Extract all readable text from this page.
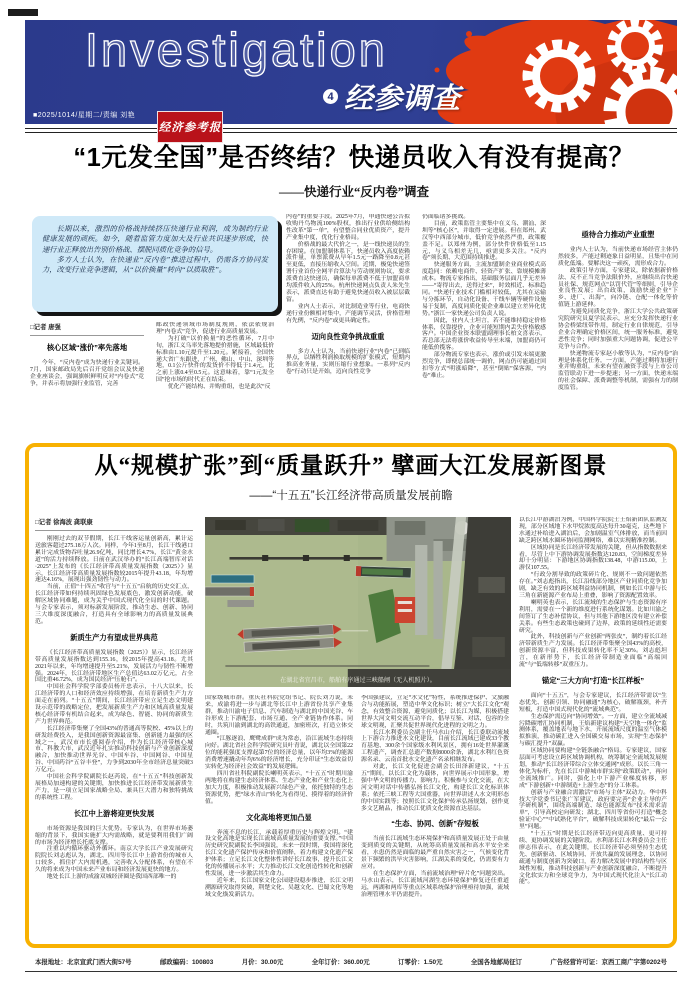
Investigation
4 经参调查
■2025/1014/星期二/责编 刘艳
经济参考报
“1元发全国”是否终结？快递员收入有没有提高？
——快递行业“反内卷”调查

长期以来，激烈的价格战持续挤压快递行业利润，成为制约行业健康发展的顽疾。如今，随着监管力度加大及行业共识逐步形成，快递行业正释放出告别价格战、摆脱同质化竞争的信号。

多方人士认为，在快递业“反内卷”推进过程中，仍需各方协同发力，改变行业竞争逻辑，从“以价换量”转向“以质取胜”。

□记者 唐强
核心区域“涨价”率先落地

今年，“反内卷”成为快递行业关键词。7月，国家邮政局先后召开党组会议及快递企业座谈会，强调旗帜鲜明反对“内卷式”竞争，并表示将加强行业监管，完善

邮政快递领域市场制度规则，依法依规治理“内卷式”竞争，促进行业高质量发展。

为打破“以价换量”的恶性循环，7月中旬，浙江义乌率先落地提价措施，区域最低价标准由1.10元提升至1.20元。紧接着，全国快递大省广东跟进，广州、佛山、中山、深圳等地，0.1公斤快件的发货价不得低于1.4元，比之前上涨0.4至0.5元。这意味着，靠“1元发全国”抢市场的时代正在结束。

优化产能结构、并购重组，也是此次“反

内卷”的重要手段。2025年7月，申通快递公告拟收购丹鸟物流100%股权，推出行业供给侧结构性改革“第一单”，有望整合同业优质资产，提升产业集中度，优化行业格局。

价格战的最大代价之一，是一线快递员的生存困境。在加盟制体系下，快递员收入高度依赖派件量，单票派费从早年1.5元一路降至0.8元甚至更低，直接压缩收入空间。近期，极兔快递签署行业首份全网平台算法与劳动规则协议，要求派费直达快递员，确保每单派费不低于加盟商单均派件收入的25%。杭州快递网点负责人朱先生表示，派费直达有助于避免快递员收入被层层截留。

业内人士表示，对比制造业等行业，电商快递行业份额相对集中，产能调节灵活，价格管理有先例，“反内卷”或更具确定性。

迈向良性竞争挑战重重

多方人士认为，当前快递行业“内卷”已到临界点，以牺牲利润换取规模的扩张模式，短期内推高业务量，实则压缩行业想象。一系列“反内卷”行动只是开始，迈向良性竞争

仍面临诸多挑战。

目前，政策监管主要集中在义乌、潮汕、深圳等“核心区”，并取得一定进展。但在郑州、武汉等中西部分城市，低价竞争依然严重，政策覆盖不足。以郑州为例，部分快件价格低至1.15元，与义乌相差无几，亟需更多关注。“反内卷”须长期、大范围持续推进。

快递服务方面，主流加盟制企业商业模式高度趋同：依赖电商件、轻资产扩张、靠规模摊薄成本。物流专家指出，基础服务层面几乎无差异——“寄得出去，送得过来”，时效相近、标准趋同。“快递行业技术门槛相对较低，尤其在运输与分拣环节，自动化设备、干线车辆等硬件设施易于复制，高度同质化使企业难以建立差异化优势。”浙江一家快递公司负责人说。

因此，业内人士坦言，若不能维持稳定价格体系，仅靠提价，企业可能短期内丢失价格敏感客户。中国企业资本联盟副理事长柏文喜表示，若总部无法将涨价收益传导至末端，加盟商仍可能低价揽客。

部分物流专家也表示，涨价或引发末端更激烈竞争，即便总部统一调价，网点仍可能通过回扣等方式“明涨暗降”，甚至“倒贴”保客源，“内卷”难止。

亟待合力推动产业重塑

业内人士认为，当前快递市场经营主体仍然较多，产能过剩迹象日益明显，且集中在同质化低端。要解决这一顽疾，需形成合力。

政策引导方面，专家建议，除依据新价格法、反不正当竞争法限价外，应继续出台快递员社保、规范网点“以罚代管”等细则，引导企业良性发展；出台政策，鼓励快递企业“下乡、进厂、出海”，向冷链、仓配一体化等价值链上游延伸。

为避免同质化竞争，浙江大学公共政策研究院研究员夏学民表示，应充分发挥快递行业协会桥梁纽带作用，制定行业自律规范，引导企业合理确定价格区间，统一服务标准，避免恶性竞争；同时加强重大问题协调，促进公平竞争与合作。

快递物流专家赵小敏等认为，“反内卷”治理是体系化任务，一方面，产能过剩将加速行业并购重组，未来有望在融资手段与上市公司监管联动下进一步提速；另一方面，快递末端的社会保障、派费调整等机制，需强有力的制度监管。

从“规模扩张”到“质量跃升” 擘画大江发展新图景
——“十五五”长江经济带高质量发展前瞻
□记者 徐海波 龚联康

刚刚过去的双节假期，长江干线客运量创新高，累计运送旅客超过275.18万人次。同样，今年1至8月，长江干线港口累计完成货物吞吐量26.9亿吨，同比增长4.7%，长江“黄金水道”的活力持续释放。日前在武汉举办的“长江高端智库对话·2025”上发布的《长江经济带高质量发展指数（2025）》显示，长江经济带高质量发展指数较2015年提升43.18，年均增速达4.16%，展现出强劲韧性与动力。

当前，正值“十四五”收官与“十五五”启航的历史交汇点，长江经济带如何持续巩固绿色发展底色，激发创新动能，破解区域协同难题，成为关乎中国式现代化全局的时代课题。与会专家表示，须对标新发展阶段，推动生态、创新、协同三大维度深度融合，打造具有全球影响力的高质量发展典范。

新质生产力有望成世界典范

《长江经济带高质量发展指数（2025）》显示，长江经济带高质量发展指数达到155.16，较2015年提高43.18。尤其2021年以来，年均增速提升至5.21%，发展活力与韧性不断增强。2024年，长江经济带地区生产总值达63.02万亿元，占全国比重46.72%，成为国民经济“压舱石”。

中国社会科学院学部委员杨开忠表示，十八大以来，长江经济带的人口和经济效应持续增强，在培育新质生产力方面走在前列。“十五五”期间，长江经济带应立足生态文明建设示范带的战略定位，把发展新质生产力和区域高质量发展核心经济带有机结合起来，成为绿色、智能、协同的新质生产力世界典范。

长江经济带集聚了全国43%的普通高等院校、45%以上的研发经费投入，是我国创新资源最富集、创新能力最强的区域之一。武汉市市长盛阅春介绍，作为长江经济带核心城市、科教大市，武汉近年扎实推动科技创新与产业创新深度融合，加快推动世界光谷、中国车谷、中国网谷、中国星谷、中国药谷“五谷丰登”，力争到2030年全市经济总量突破3万亿元。

中国社会科学院副院长赵芮说，在“十五五”科技创新发展格局加速构建的关键期，加快推进长江经济带发展新质生产力，是一项立足国家战略全局、兼具巨大潜力和独特挑战的系统性工程。

长江中上游将迎更快发展

市场资源是我国的巨大优势。专家认为，在世界市场萎缩的背景下，我国实施扩大内需战略，就是要利用我们广阔的市场为经济增长托底支撑。

注重以内循环驱动外循环。南京大学长江产业发展研究院院长刘志彪认为，湖北、四川等长江中上游省份的城市人口较多，抓住扩大内需机遇，完善收入分配体系，有望在不久的将来成为中国未来产业布局和经济发展更快的地方。

地处长江上游的成渝双城经济圈是我国西部唯一的

在湖北省宜昌市，船舶有序通过三峡船闸（无人机照片）。

国家级城市群。重庆社科院党组书记、院长刘力说，未来，成渝将进一步与湖北等长江中上游省份共享产业集群，推动川渝电子信息、汽车制造与湖北的中国光谷、车谷形成上下游配套、市场互通、全产业链协作体系。同时，共筑川渝到湖北的高铁通道，加密班次，打造立体交通圈。

“江豚逐浪、鹰鹭成群”成为常态，沿江流域生态持续向好。湖北省社会科学院研究员叶青说，湖北以全国第22位的能耗强度支撑起第7位的经济总量，以年均3%的能源消费增速撬动年均6%的经济增长，充分印证“生态效益切实转化为经济社会效益”的发展逻辑。

四川省社科院副院长喇明英表示，“十五五”时期川渝两地将在构建生态经济体系、生态产业化和产业生态化上加大力度，积极推动发展新兴绿色产业，依托独特的生态资源优势，把“绿水青山”转化为看得见、摸得着的经济价值。

文化高地将更加凸显

奔流不息的长江，承载着厚重历史与辉煌文明。“建设文化高地是实现长江流域高质量发展的重要支撑。”中国历史研究院副院长李国强说，未来一段时期，我国将深化长江文化遗产保护传承和价值阐释，着力构建文化遗产保护体系；立足长江文化整体性讲好长江故事，提升长江文化的传播展示水平；大力推动长江文化创造性转化和创新性发展，进一步激活其生命力。

近年来，长江国家文化公园建设稳步推进，长江文明溯源研究取得突破，荆楚文化、吴越文化、巴蜀文化等地域文化焕发新活力。

李国强建议，立足“水文化”特性，系统推进保护、文旅融合与功能拓展，塑造中华文化标识；树立“大长江文化”观念，有效整合资源，避免同质化；以长江为媒，积极搭建世界大河文明交流互动平台，倡导互鉴、对话、包容的全球文明观，汇聚共促世界现代化进程的文明之力。

长江水利委员会副主任马水山介绍，长江委联动流域上下游合力推进水文化建设，目前长江流域已建成33个教育基地、300余个国家级水利风景区，拥有16处世界灌溉工程遗产，调查汇总遗产数据8000余条，湖北水利红色资源名录、云南首批水文化遗产名录相继发布。

对此，长江文化促进会副会长田泽新建议，“十五五”期间，以长江文化为载体，向世界展示中国形象，增强中华文明的传播力、影响力。积极参与文化交流，在大河文明对话中传播弘扬长江文化，构建长江文化标识体系；依托三峡工程等大国重器，向世界讲述人水文明形态的中国实践等；按照长江文化保护传承弘扬规划，创作更多文艺精品，推动长江优质文化资源直达基层。

“生态、协同、创新”存短板

当前长江流域生态环境保护和高质量发展正处于由量变到质变的关键期，从统筹高质量发展和高水平安全来看，水患仍然是面临的最严重自然灾害之一，气候变化背景下频繁的洪旱灾害影响，江湖关系的变化，仍需要有力应对。

在生态保护方面，当前流域治理“碎片化”问题突出。马水山表示，长江流域河湖生态环境保护修复还任重道远，两湖和两库等重点区域系统保护治理亟待加强，流域治理管理水平仍需提升。

以长江中游湖泊为例，中国科学院院士王焰新团队监测发现，部分区域地下水甲烷浓度高达每升30毫克，这些地下水通过补给进入湖泊后，会加剧温室气体排放，而当前因缺乏跨区域水圈环协同监测网络，难以实现精准控制。

区域协同是长江经济带发展的关键，但从指数数据来看，尽管上中下游协调发展指数达120.83，空间梯度差异却十分明显：下游地区协调指数138.48，中游115.00，上游仅107.55。

“行政分割导致的政策碎片化、规则不一致问题依然存在。”刘志彪指出，长江沿线部分地区产业同质化竞争加剧，缺乏有效的跨区域利益协同机制，例如长江中游与长三角在新能源产业布局上重叠，影响了资源配置效率。

喇明英也表示，长江流域的生态保护与生态资源有序利用，需要在一个新的维度进行系统化谋划。比如川渝之间签订了生态补偿协议，但与其他下游地区没有建立补偿关系。有些生态政策也碰到了边界，政策的延续性还需要研究。

此外，科技创新与产业创新“两张皮”，制约着长江经济带新质生产力发展。长江经济带集聚全国43%的高校，创新资源丰富，但科技成果转化率不足30%。刘志彪坦言，在新形势下，长江经济带制造业面临“高端回流”与“低端转移”双重压力。

锚定“三大方向”打造“长江样板”

面向“十五五”，与会专家建议，长江经济带需以“生态优先、创新引领、协同融通”为核心，破解瓶颈，补齐短板，打造中国式现代化的“流域典范”。

生态保护需迈向“协同增效”。一方面，建立全流域减污降碳增汇协同机制，王焰新建议构建“天空地一体化”监测体系，覆盖地表与地下水，开展流域尺度的温室气体模拟推演，推动碳汇进入全国碳交易市场，实现“生态保护与碳汇提升”双赢。

区域协同要构建“全链条融合”格局。专家建议，国家层面可考虑设立跨区域协调机构，统筹制定全流域发展规划，推动“长江经济带综合立体交通网”成形。以长三角一体化为标杆，先在长江中游城市群实现“政策联动”，再向全流域推广。同时，强化上中下游产业梯度转移，形成“下游创新+中游制造+上游生态”的分工体系。

创新与产业融合需激活“市场与主体”双动力。华中科技大学党委书记张广军建议，政府要完善“企业主导的产学研机制”，围绕高端制造、绿色能源发布“技术需求清单”，引导高校定向研发；湖北、四川等省份可打造“概念验证中心”“中试熟化平台”，破解科技成果转化“最后一公里”问题。

“十五五”时期是长江经济带迈向更高质量、更可持续、更协调发展的关键阶段。水利部长江水利委员会主任廖志伟表示，在此关键期，长江经济带必须坚持生态优先、创新驱动、区域协同、开放共赢的发展理念，以协同疏通与制度创新为突破口，着力解决发展中的结构性与区域性短板，推动科技创新与产业创新深度融合，不断提升文化软实力和全球竞争力，为中国式现代化注入“长江动能”。

本报地址：北京宣武门西大街57号	邮政编码：100803	月价：30.00元	全年订价：360.00元	订零价：1.50元	全国各地邮局征订	广告经营许可证：京西工商广字第0202号
